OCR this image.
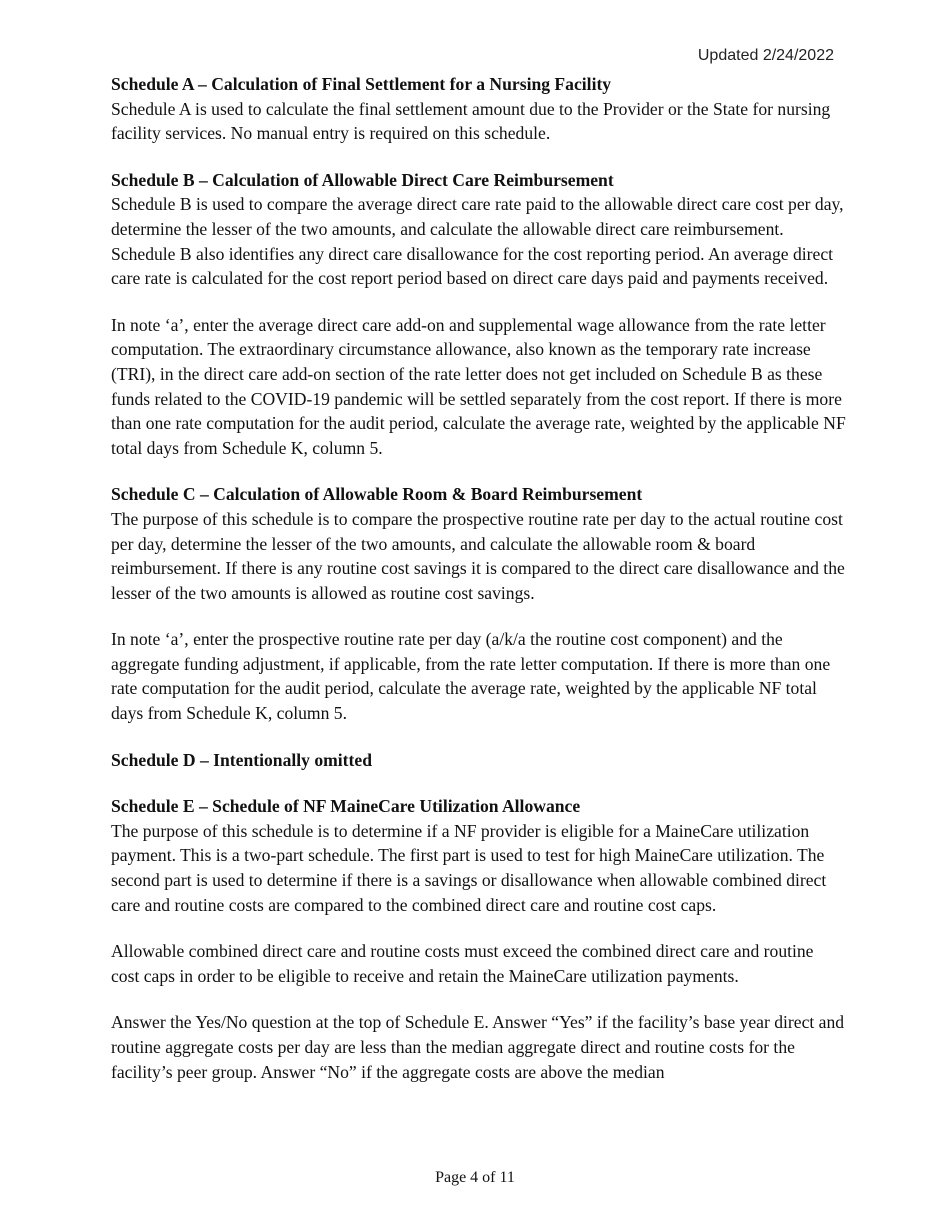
Updated 2/24/2022

Schedule A – Calculation of Final Settlement for a Nursing Facility

Schedule A is used to calculate the final settlement amount due to the Provider or the State for nursing facility services. No manual entry is required on this schedule.

Schedule B – Calculation of Allowable Direct Care Reimbursement

Schedule B is used to compare the average direct care rate paid to the allowable direct care cost per day, determine the lesser of the two amounts, and calculate the allowable direct care reimbursement. Schedule B also identifies any direct care disallowance for the cost reporting period. An average direct care rate is calculated for the cost report period based on direct care days paid and payments received.

In note ‘a’, enter the average direct care add-on and supplemental wage allowance from the rate letter computation. The extraordinary circumstance allowance, also known as the temporary rate increase (TRI), in the direct care add-on section of the rate letter does not get included on Schedule B as these funds related to the COVID-19 pandemic will be settled separately from the cost report. If there is more than one rate computation for the audit period, calculate the average rate, weighted by the applicable NF total days from Schedule K, column 5.

Schedule C – Calculation of Allowable Room & Board Reimbursement

The purpose of this schedule is to compare the prospective routine rate per day to the actual routine cost per day, determine the lesser of the two amounts, and calculate the allowable room & board reimbursement. If there is any routine cost savings it is compared to the direct care disallowance and the lesser of the two amounts is allowed as routine cost savings.

In note ‘a’, enter the prospective routine rate per day (a/k/a the routine cost component) and the aggregate funding adjustment, if applicable, from the rate letter computation. If there is more than one rate computation for the audit period, calculate the average rate, weighted by the applicable NF total days from Schedule K, column 5.

Schedule D – Intentionally omitted

Schedule E – Schedule of NF MaineCare Utilization Allowance

The purpose of this schedule is to determine if a NF provider is eligible for a MaineCare utilization payment. This is a two-part schedule. The first part is used to test for high MaineCare utilization. The second part is used to determine if there is a savings or disallowance when allowable combined direct care and routine costs are compared to the combined direct care and routine cost caps.

Allowable combined direct care and routine costs must exceed the combined direct care and routine cost caps in order to be eligible to receive and retain the MaineCare utilization payments.

Answer the Yes/No question at the top of Schedule E. Answer “Yes” if the facility’s base year direct and routine aggregate costs per day are less than the median aggregate direct and routine costs for the facility’s peer group. Answer “No” if the aggregate costs are above the median

Page 4 of 11
